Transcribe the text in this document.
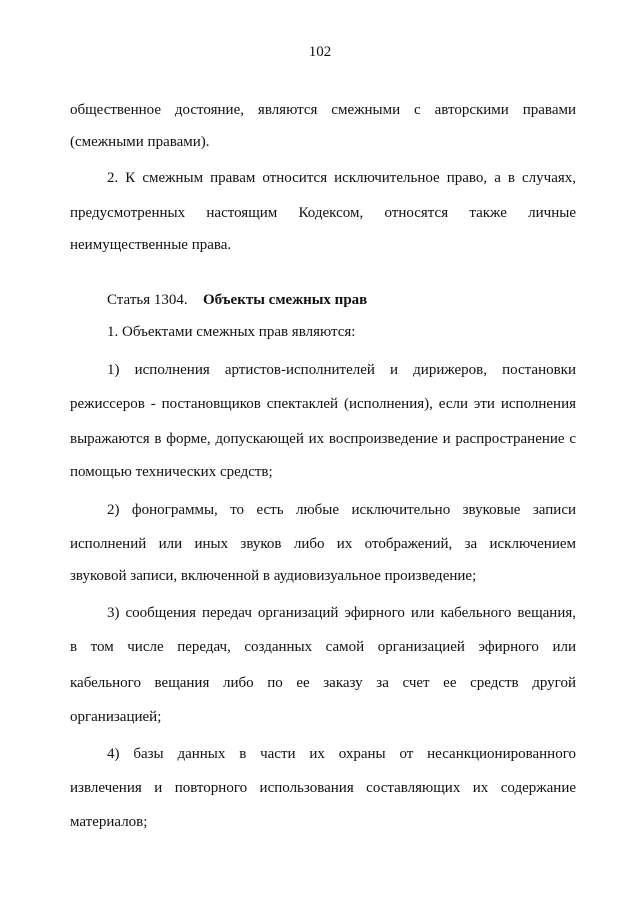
102
общественное достояние, являются смежными с авторскими правами
(смежными правами).
2. К смежным правам относится исключительное право, а в случаях,
предусмотренных настоящим Кодексом, относятся также личные
неимущественные права.
Статья 1304. Объекты смежных прав
1. Объектами смежных прав являются:
1) исполнения артистов-исполнителей и дирижеров, постановки
режиссеров - постановщиков спектаклей (исполнения), если эти исполнения
выражаются в форме, допускающей их воспроизведение и распространение с
помощью технических средств;
2) фонограммы, то есть любые исключительно звуковые записи
исполнений или иных звуков либо их отображений, за исключением
звуковой записи, включенной в аудиовизуальное произведение;
3) сообщения передач организаций эфирного или кабельного вещания,
в том числе передач, созданных самой организацией эфирного или
кабельного вещания либо по ее заказу за счет ее средств другой
организацией;
4) базы данных в части их охраны от несанкционированного
извлечения и повторного использования составляющих их содержание
материалов;
